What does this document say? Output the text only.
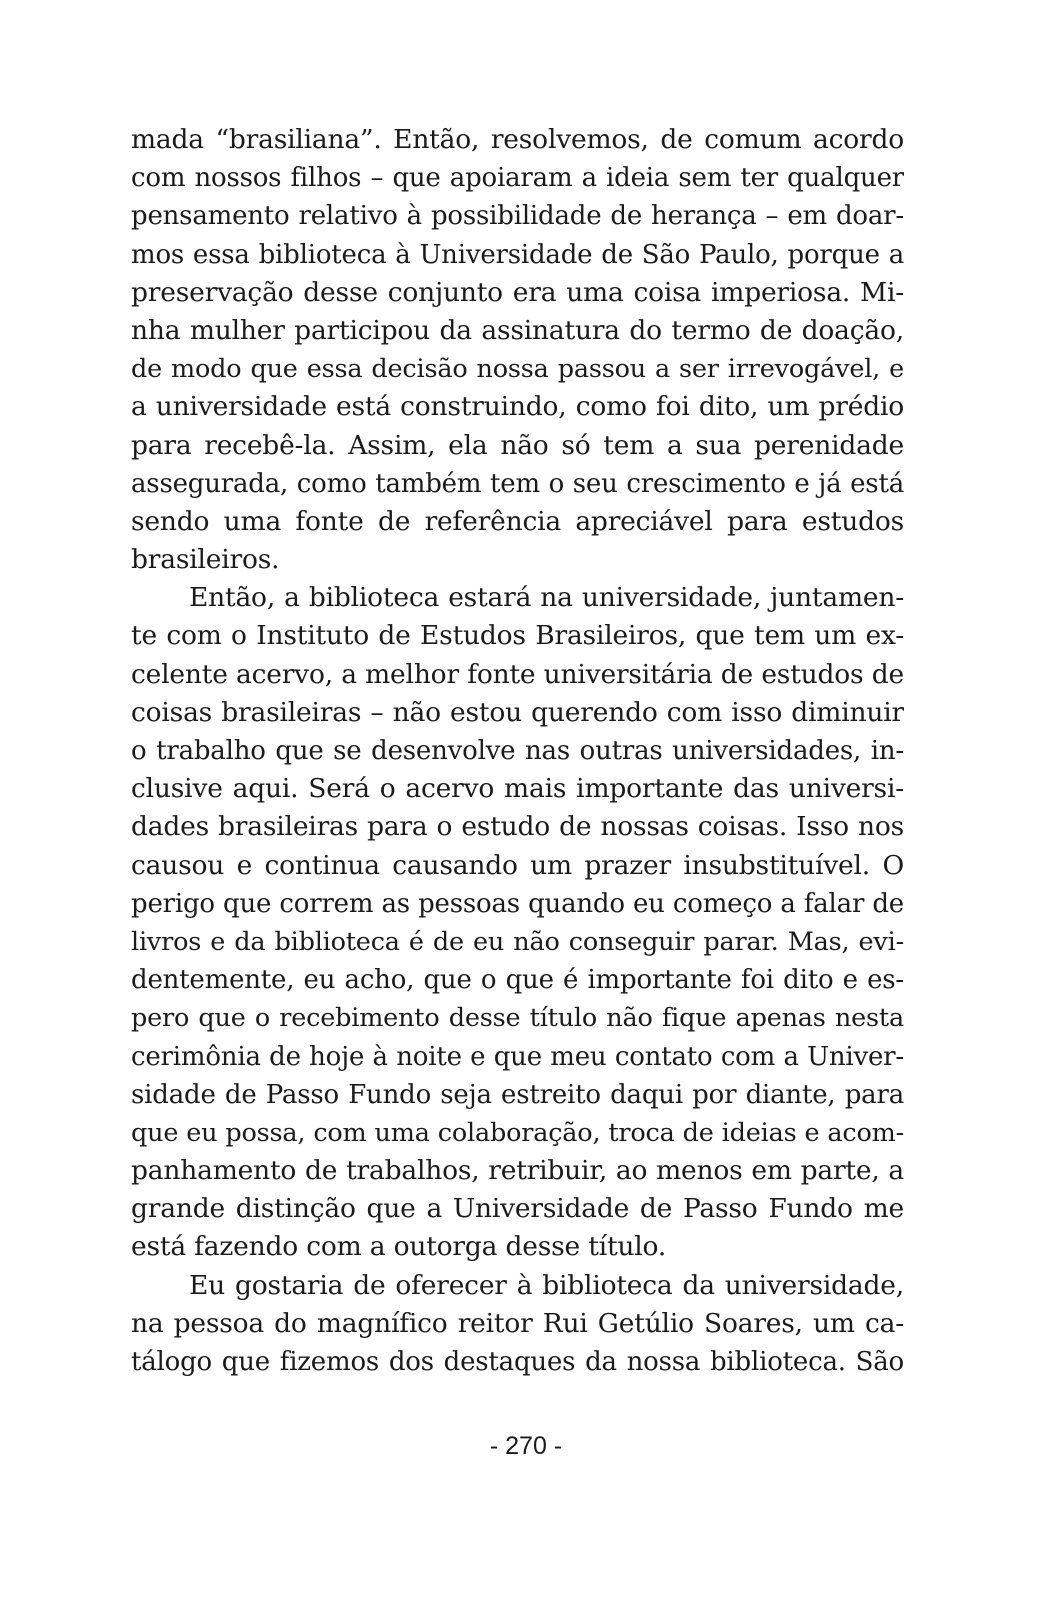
mada “brasiliana”. Então, resolvemos, de comum acordo
com nossos filhos – que apoiaram a ideia sem ter qualquer
pensamento relativo à possibilidade de herança – em doar-
mos essa biblioteca à Universidade de São Paulo, porque a
preservação desse conjunto era uma coisa imperiosa. Mi-
nha mulher participou da assinatura do termo de doação,
de modo que essa decisão nossa passou a ser irrevogável, e
a universidade está construindo, como foi dito, um prédio
para recebê-la. Assim, ela não só tem a sua perenidade
assegurada, como também tem o seu crescimento e já está
sendo uma fonte de referência apreciável para estudos
brasileiros.
Então, a biblioteca estará na universidade, juntamen-
te com o Instituto de Estudos Brasileiros, que tem um ex-
celente acervo, a melhor fonte universitária de estudos de
coisas brasileiras – não estou querendo com isso diminuir
o trabalho que se desenvolve nas outras universidades, in-
clusive aqui. Será o acervo mais importante das universi-
dades brasileiras para o estudo de nossas coisas. Isso nos
causou e continua causando um prazer insubstituível. O
perigo que correm as pessoas quando eu começo a falar de
livros e da biblioteca é de eu não conseguir parar. Mas, evi-
dentemente, eu acho, que o que é importante foi dito e es-
pero que o recebimento desse título não fique apenas nesta
cerimônia de hoje à noite e que meu contato com a Univer-
sidade de Passo Fundo seja estreito daqui por diante, para
que eu possa, com uma colaboração, troca de ideias e acom-
panhamento de trabalhos, retribuir, ao menos em parte, a
grande distinção que a Universidade de Passo Fundo me
está fazendo com a outorga desse título.
Eu gostaria de oferecer à biblioteca da universidade,
na pessoa do magnífico reitor Rui Getúlio Soares, um ca-
tálogo que fizemos dos destaques da nossa biblioteca. São
- 270 -
